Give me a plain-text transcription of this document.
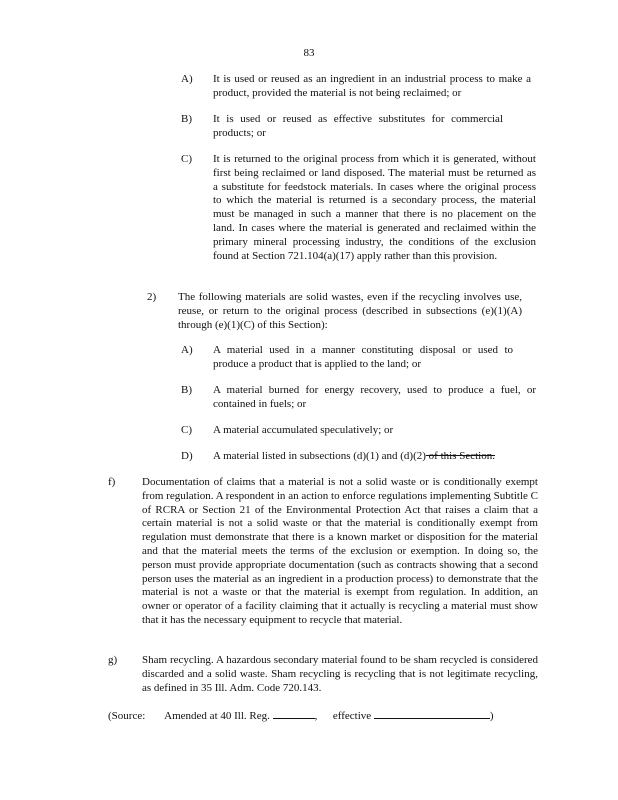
83
A) It is used or reused as an ingredient in an industrial process to make a product, provided the material is not being reclaimed; or
B) It is used or reused as effective substitutes for commercial products; or
C) It is returned to the original process from which it is generated, without first being reclaimed or land disposed. The material must be returned as a substitute for feedstock materials. In cases where the original process to which the material is returned is a secondary process, the material must be managed in such a manner that there is no placement on the land. In cases where the material is generated and reclaimed within the primary mineral processing industry, the conditions of the exclusion found at Section 721.104(a)(17) apply rather than this provision.
2) The following materials are solid wastes, even if the recycling involves use, reuse, or return to the original process (described in subsections (e)(1)(A) through (e)(1)(C) of this Section):
A) A material used in a manner constituting disposal or used to produce a product that is applied to the land; or
B) A material burned for energy recovery, used to produce a fuel, or contained in fuels; or
C) A material accumulated speculatively; or
D) A material listed in subsections (d)(1) and (d)(2) of this Section.
f) Documentation of claims that a material is not a solid waste or is conditionally exempt from regulation. A respondent in an action to enforce regulations implementing Subtitle C of RCRA or Section 21 of the Environmental Protection Act that raises a claim that a certain material is not a solid waste or that the material is conditionally exempt from regulation must demonstrate that there is a known market or disposition for the material and that the material meets the terms of the exclusion or exemption. In doing so, the person must provide appropriate documentation (such as contracts showing that a second person uses the material as an ingredient in a production process) to demonstrate that the material is not a waste or that the material is exempt from regulation. In addition, an owner or operator of a facility claiming that it actually is recycling a material must show that it has the necessary equipment to recycle that material.
g) Sham recycling. A hazardous secondary material found to be sham recycled is considered discarded and a solid waste. Sham recycling is recycling that is not legitimate recycling, as defined in 35 Ill. Adm. Code 720.143.
(Source: Amended at 40 Ill. Reg.	,  effective	)
